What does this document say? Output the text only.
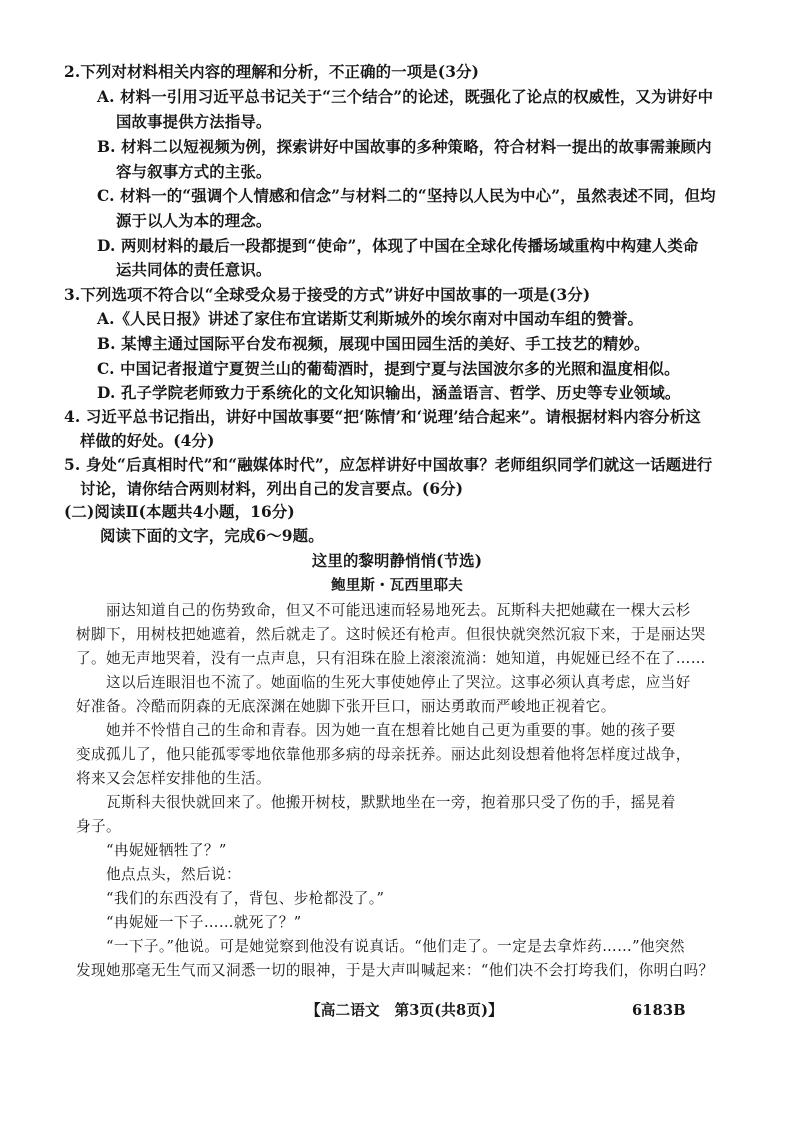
2.下列对材料相关内容的理解和分析，不正确的一项是(3分)
A. 材料一引用习近平总书记关于“三个结合”的论述，既强化了论点的权威性，又为讲好中
国故事提供方法指导。
B. 材料二以短视频为例，探索讲好中国故事的多种策略，符合材料一提出的故事需兼顾内
容与叙事方式的主张。
C. 材料一的“强调个人情感和信念”与材料二的“坚持以人民为中心”，虽然表述不同，但均
源于以人为本的理念。
D. 两则材料的最后一段都提到“使命”，体现了中国在全球化传播场域重构中构建人类命
运共同体的责任意识。
3.下列选项不符合以“全球受众易于接受的方式”讲好中国故事的一项是(3分)
A.《人民日报》讲述了家住布宜诺斯艾利斯城外的埃尔南对中国动车组的赞誉。
B. 某博主通过国际平台发布视频，展现中国田园生活的美好、手工技艺的精妙。
C. 中国记者报道宁夏贺兰山的葡萄酒时，提到宁夏与法国波尔多的光照和温度相似。
D. 孔子学院老师致力于系统化的文化知识输出，涵盖语言、哲学、历史等专业领域。
4. 习近平总书记指出，讲好中国故事要“把‘陈情’和‘说理’结合起来”。请根据材料内容分析这
样做的好处。(4分)
5. 身处“后真相时代”和“融媒体时代”，应怎样讲好中国故事？老师组织同学们就这一话题进行
讨论，请你结合两则材料，列出自己的发言要点。(6分)
(二)阅读Ⅱ(本题共4小题，16分)
阅读下面的文字，完成6～9题。
这里的黎明静悄悄(节选)
鲍里斯・瓦西里耶夫
丽达知道自己的伤势致命，但又不可能迅速而轻易地死去。瓦斯科夫把她藏在一棵大云杉
树脚下，用树枝把她遮着，然后就走了。这时候还有枪声。但很快就突然沉寂下来，于是丽达哭
了。她无声地哭着，没有一点声息，只有泪珠在脸上滚滚流淌：她知道，冉妮娅已经不在了……
这以后连眼泪也不流了。她面临的生死大事使她停止了哭泣。这事必须认真考虑，应当好
好准备。冷酷而阴森的无底深渊在她脚下张开巨口，丽达勇敢而严峻地正视着它。
她并不怜惜自己的生命和青春。因为她一直在想着比她自己更为重要的事。她的孩子要
变成孤儿了，他只能孤零零地依靠他那多病的母亲抚养。丽达此刻设想着他将怎样度过战争，
将来又会怎样安排他的生活。
瓦斯科夫很快就回来了。他搬开树枝，默默地坐在一旁，抱着那只受了伤的手，摇晃着
身子。
“冉妮娅牺牲了？”
他点点头，然后说：
“我们的东西没有了，背包、步枪都没了。”
“冉妮娅一下子……就死了？”
“一下子。”他说。可是她觉察到他没有说真话。“他们走了。一定是去拿炸药……”他突然
发现她那毫无生气而又洞悉一切的眼神，于是大声叫喊起来：“他们决不会打垮我们，你明白吗？
【高二语文　第3页(共8页)】	6183B
